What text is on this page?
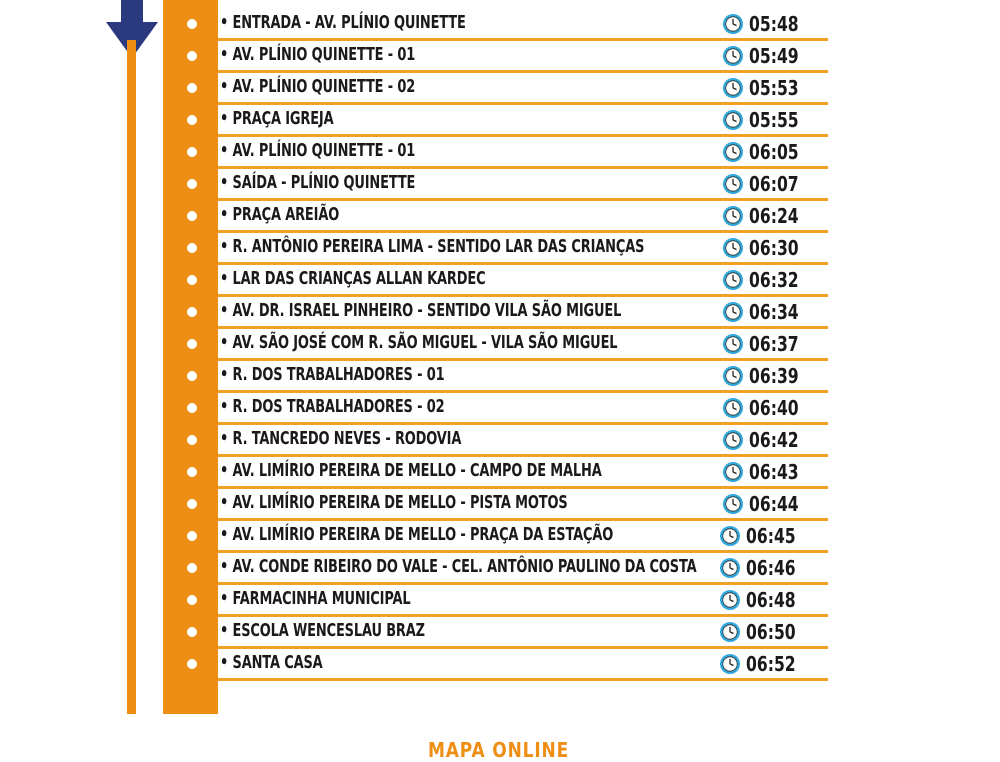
• ENTRADA - AV. PLÍNIO QUINETTE	05:48
• AV. PLÍNIO QUINETTE - 01	05:49
• AV. PLÍNIO QUINETTE - 02	05:53
• PRAÇA IGREJA	05:55
• AV. PLÍNIO QUINETTE - 01	06:05
• SAÍDA - PLÍNIO QUINETTE	06:07
• PRAÇA AREIÃO	06:24
• R. ANTÔNIO PEREIRA LIMA - SENTIDO LAR DAS CRIANÇAS	06:30
• LAR DAS CRIANÇAS ALLAN KARDEC	06:32
• AV. DR. ISRAEL PINHEIRO - SENTIDO VILA SÃO MIGUEL	06:34
• AV. SÃO JOSÉ COM R. SÃO MIGUEL - VILA SÃO MIGUEL	06:37
• R. DOS TRABALHADORES - 01	06:39
• R. DOS TRABALHADORES - 02	06:40
• R. TANCREDO NEVES - RODOVIA	06:42
• AV. LIMÍRIO PEREIRA DE MELLO - CAMPO DE MALHA	06:43
• AV. LIMÍRIO PEREIRA DE MELLO - PISTA MOTOS	06:44
• AV. LIMÍRIO PEREIRA DE MELLO - PRAÇA DA ESTAÇÃO	06:45
• AV. CONDE RIBEIRO DO VALE - CEL. ANTÔNIO PAULINO DA COSTA 06:46
• FARMACINHA MUNICIPAL	06:48
• ESCOLA WENCESLAU BRAZ	06:50
• SANTA CASA	06:52
MAPA ONLINE
